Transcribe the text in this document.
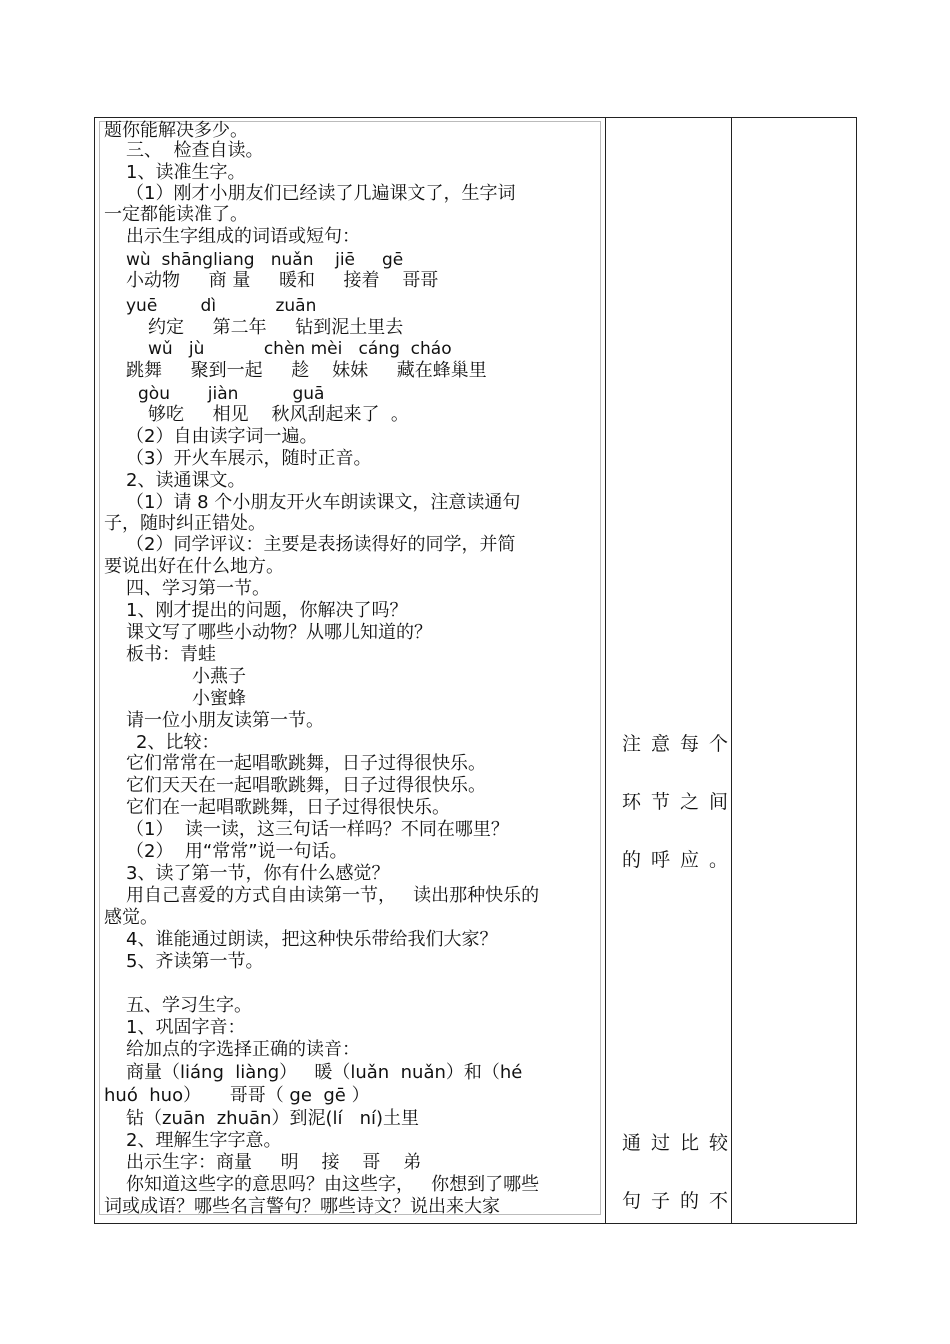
题你能解决多少。
三、  检查自读。
1、读准生字。
（1）刚才小朋友们已经读了几遍课文了，生字词
一定都能读准了。
出示生字组成的词语或短句：
wù  shāngliang   nuǎn    jiē     gē
小动物     商 量     暖和     接着    哥哥
yuē        dì           zuān
约定     第二年     钻到泥土里去
wǔ   jù           chèn mèi   cáng  cháo
跳舞     聚到一起     趁    妹妹     藏在蜂巢里
gòu       jiàn          guā
够吃     相见    秋风刮起来了  。
（2）自由读字词一遍。
（3）开火车展示，随时正音。
2、读通课文。
（1）请 8 个小朋友开火车朗读课文，注意读通句
子，随时纠正错处。
（2）同学评议：主要是表扬读得好的同学，并简
要说出好在什么地方。
四、学习第一节。
1、刚才提出的问题，你解决了吗？
课文写了哪些小动物？从哪儿知道的？
板书：青蛙
小燕子
小蜜蜂
请一位小朋友读第一节。
2、比较：
它们常常在一起唱歌跳舞，日子过得很快乐。
它们天天在一起唱歌跳舞，日子过得很快乐。
它们在一起唱歌跳舞，日子过得很快乐。
（1）  读一读，这三句话一样吗？不同在哪里？
（2）  用“常常”说一句话。
3、读了第一节，你有什么感觉？
用自己喜爱的方式自由读第一节，   读出那种快乐的
感觉。
4、谁能通过朗读，把这种快乐带给我们大家？
5、齐读第一节。
五、学习生字。
1、巩固字音：
给加点的字选择正确的读音：
商量（liáng  liàng）   暖（luǎn  nuǎn）和（hé
huó  huo）     哥哥（ ge  gē ）
钻（zuān  zhuān）到泥(lí   ní)土里
2、理解生字字意。
出示生字：商量     明    接    哥    弟
你知道这些字的意思吗？由这些字，   你想到了哪些
词或成语？哪些名言警句？哪些诗文？说出来大家
注意每个
环节之间
的呼应。
通过比较
句子的不
